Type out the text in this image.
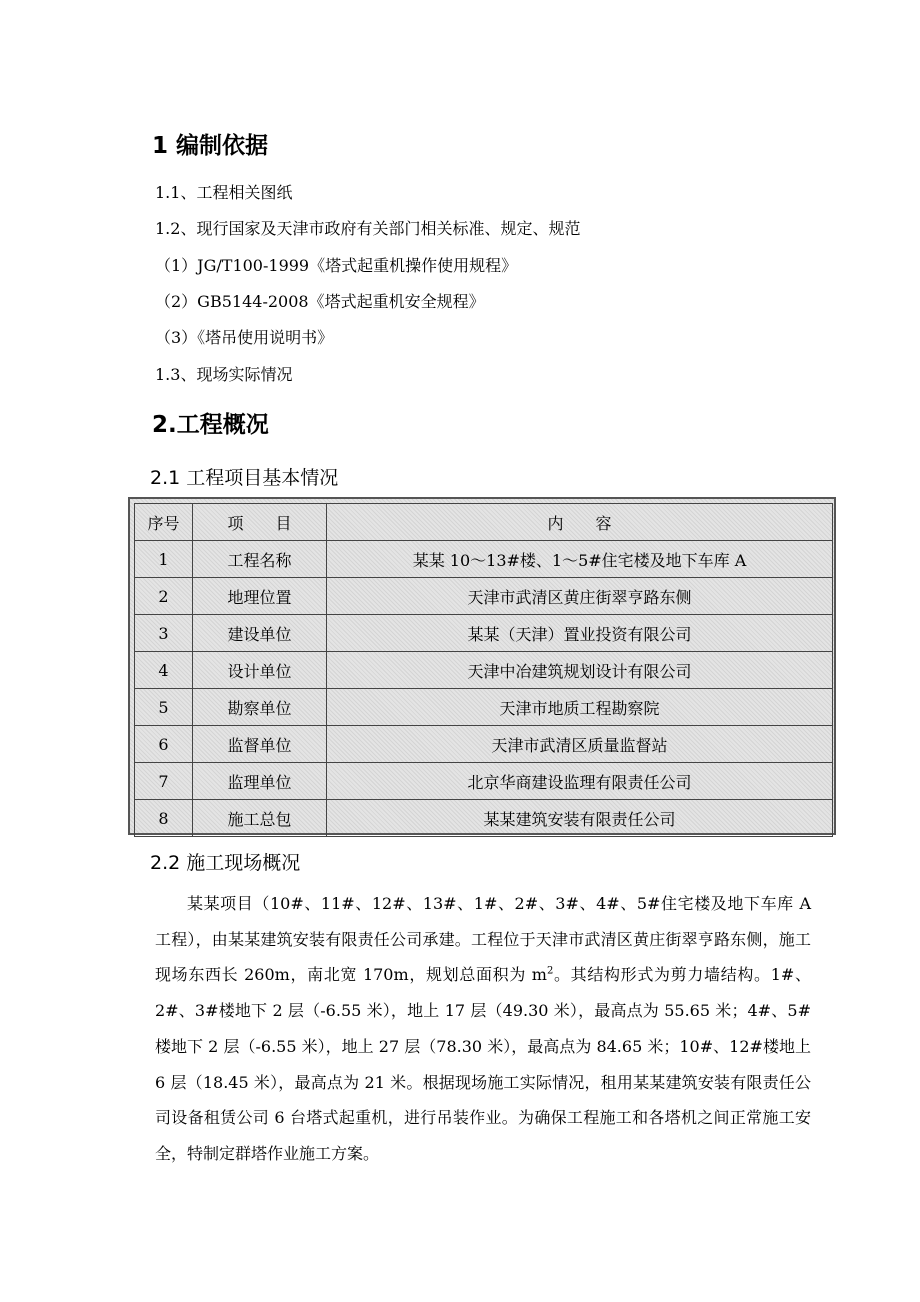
1 编制依据
1.1、工程相关图纸
1.2、现行国家及天津市政府有关部门相关标准、规定、规范
（1）JG/T100-1999《塔式起重机操作使用规程》
（2）GB5144-2008《塔式起重机安全规程》
（3）《塔吊使用说明书》
1.3、现场实际情况
2.工程概况
2.1 工程项目基本情况
序号	项　　目	内　　容
1	工程名称	某某 10～13#楼、1～5#住宅楼及地下车库 A
2	地理位置	天津市武清区黄庄街翠亨路东侧
3	建设单位	某某（天津）置业投资有限公司
4	设计单位	天津中冶建筑规划设计有限公司
5	勘察单位	天津市地质工程勘察院
6	监督单位	天津市武清区质量监督站
7	监理单位	北京华商建设监理有限责任公司
8	施工总包	某某建筑安装有限责任公司
2.2 施工现场概况
某某项目（10#、11#、12#、13#、1#、2#、3#、4#、5#住宅楼及地下车库 A 工程），由某某建筑安装有限责任公司承建。工程位于天津市武清区黄庄街翠亨路东侧，施工现场东西长 260m，南北宽 170m，规划总面积为 $m^2$。其结构形式为剪力墙结构。1#、2#、3#楼地下 2 层（-6.55 米），地上 17 层（49.30 米），最高点为 55.65 米；4#、5#楼地下 2 层（-6.55 米），地上 27 层（78.30 米），最高点为 84.65 米；10#、12#楼地上 6 层（18.45 米），最高点为 21 米。根据现场施工实际情况，租用某某建筑安装有限责任公司设备租赁公司 6 台塔式起重机，进行吊装作业。为确保工程施工和各塔机之间正常施工安全，特制定群塔作业施工方案。
